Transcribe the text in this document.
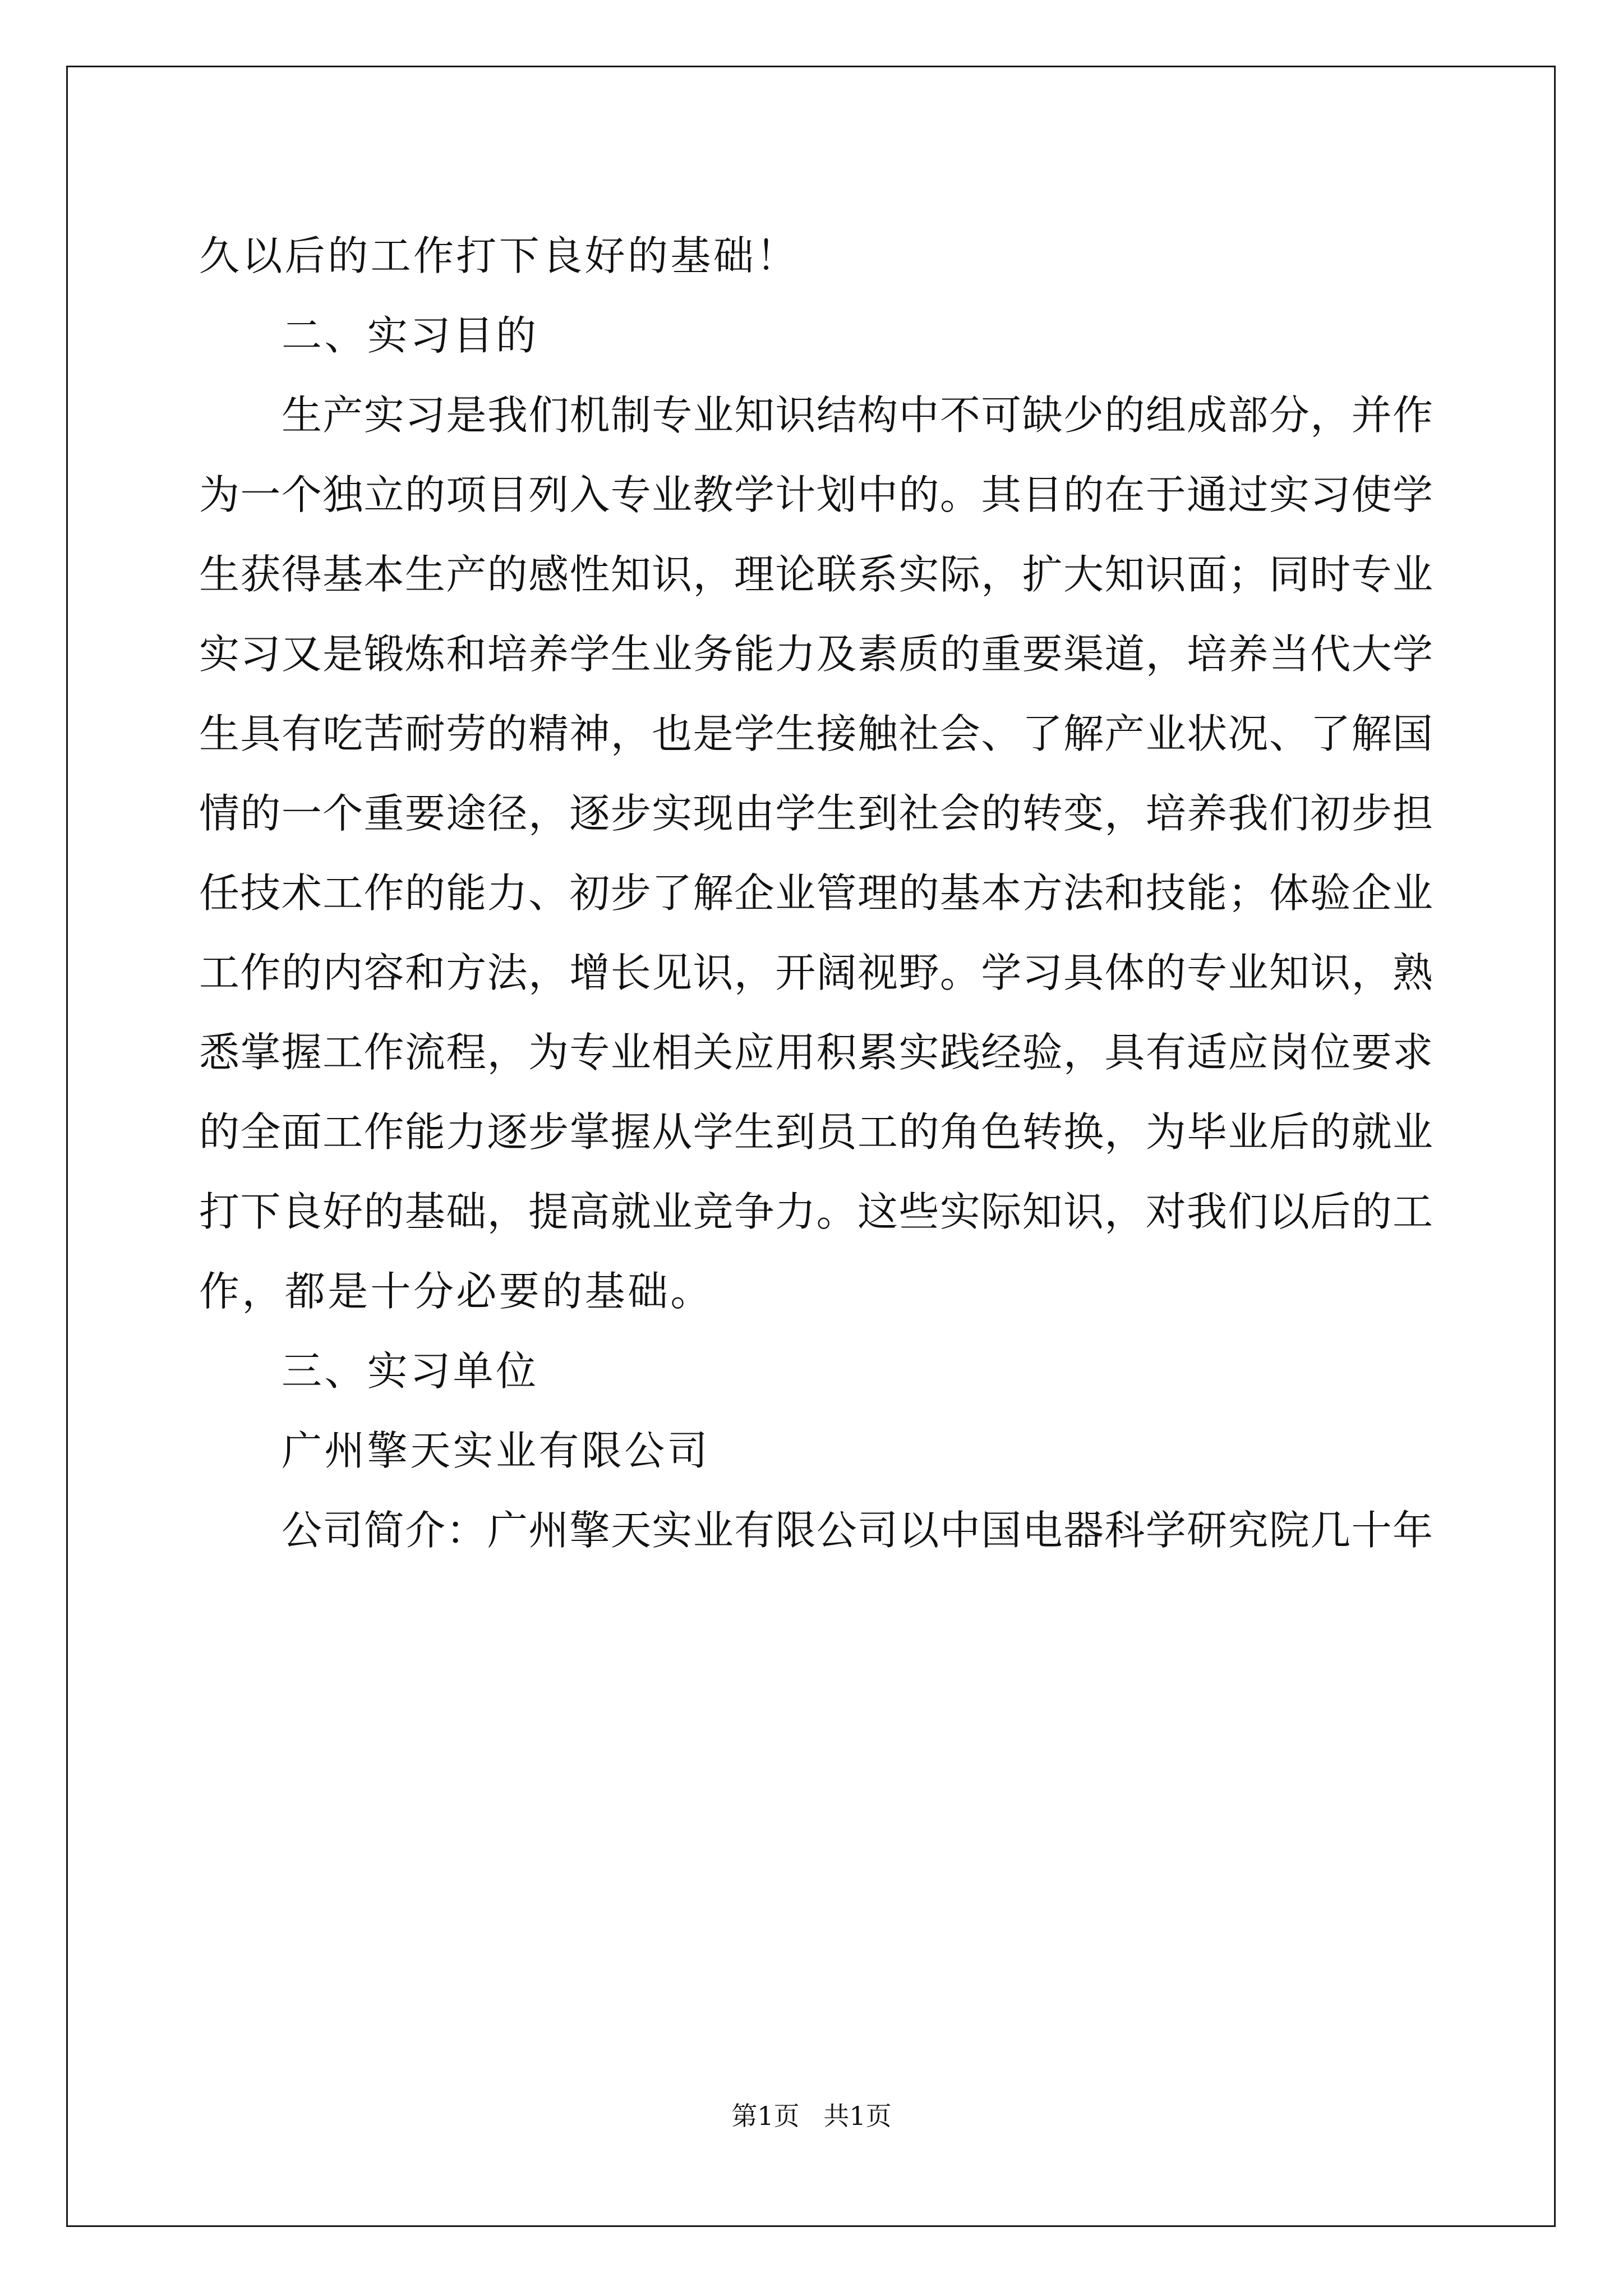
久以后的工作打下良好的基础！
二、实习目的
生产实习是我们机制专业知识结构中不可缺少的组成部分，并作
为一个独立的项目列入专业教学计划中的。其目的在于通过实习使学
生获得基本生产的感性知识，理论联系实际，扩大知识面；同时专业
实习又是锻炼和培养学生业务能力及素质的重要渠道，培养当代大学
生具有吃苦耐劳的精神，也是学生接触社会、了解产业状况、了解国
情的一个重要途径，逐步实现由学生到社会的转变，培养我们初步担
任技术工作的能力、初步了解企业管理的基本方法和技能；体验企业
工作的内容和方法，增长见识，开阔视野。学习具体的专业知识，熟
悉掌握工作流程，为专业相关应用积累实践经验，具有适应岗位要求
的全面工作能力逐步掌握从学生到员工的角色转换，为毕业后的就业
打下良好的基础，提高就业竞争力。这些实际知识，对我们以后的工
作，都是十分必要的基础。
三、实习单位
广州擎天实业有限公司
公司简介：广州擎天实业有限公司以中国电器科学研究院几十年
第1页 共1页
